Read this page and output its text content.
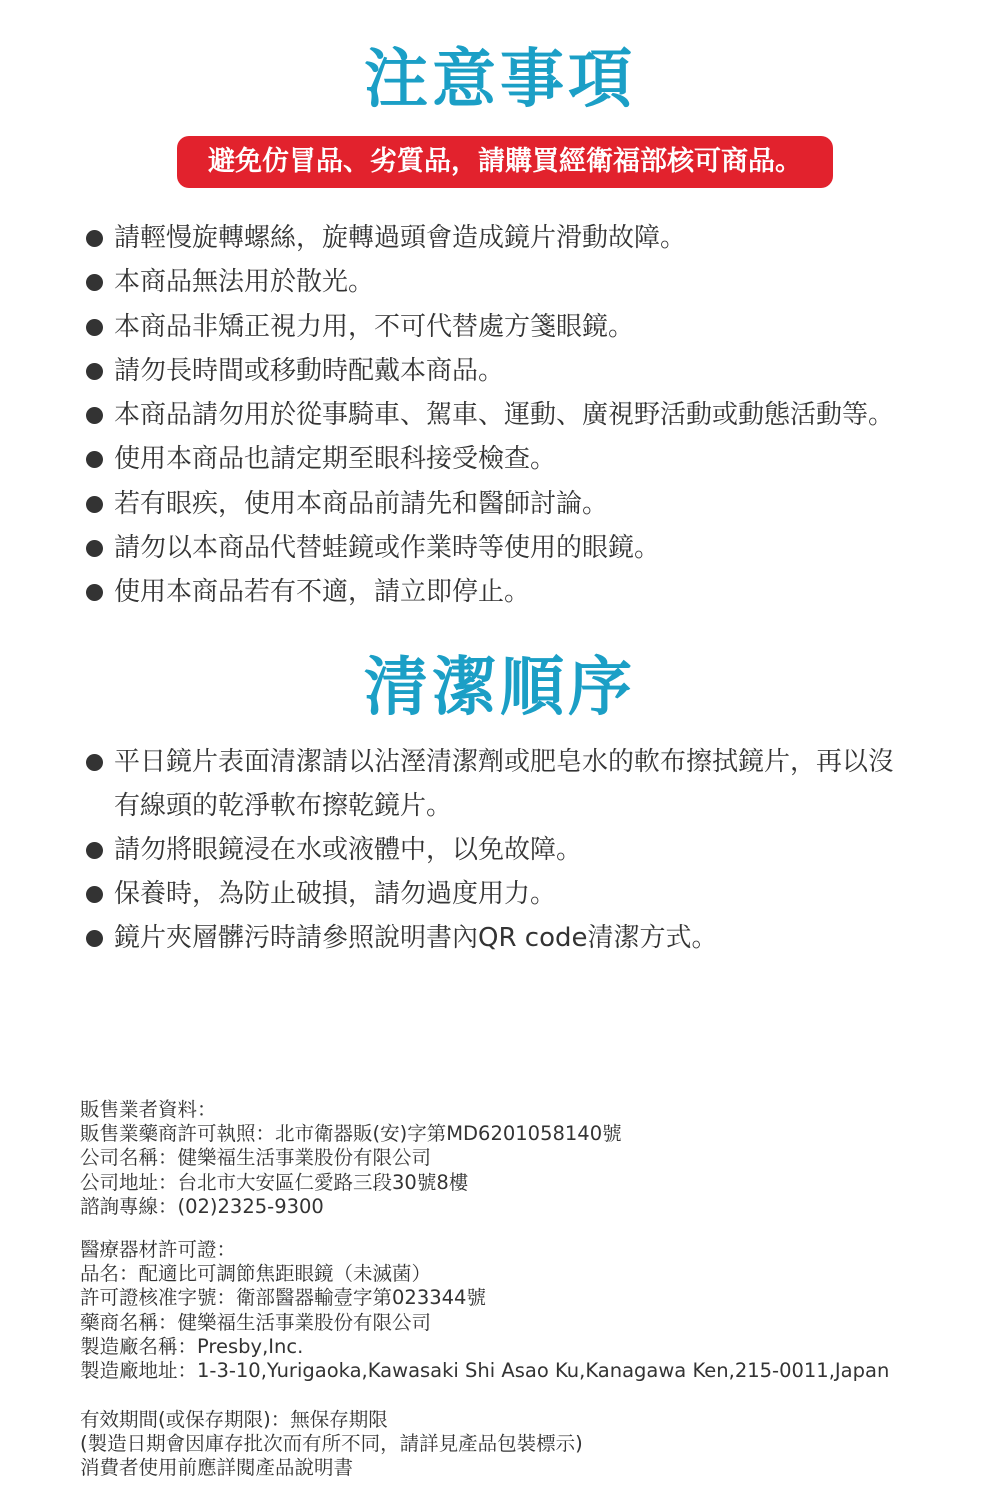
注意事項
避免仿冒品、劣質品，請購買經衛福部核可商品。
請輕慢旋轉螺絲，旋轉過頭會造成鏡片滑動故障。
本商品無法用於散光。
本商品非矯正視力用，不可代替處方箋眼鏡。
請勿長時間或移動時配戴本商品。
本商品請勿用於從事騎車、駕車、運動、廣視野活動或動態活動等。
使用本商品也請定期至眼科接受檢查。
若有眼疾，使用本商品前請先和醫師討論。
請勿以本商品代替蛙鏡或作業時等使用的眼鏡。
使用本商品若有不適，請立即停止。
清潔順序
平日鏡片表面清潔請以沾溼清潔劑或肥皂水的軟布擦拭鏡片，再以沒有線頭的乾淨軟布擦乾鏡片。
請勿將眼鏡浸在水或液體中，以免故障。
保養時，為防止破損，請勿過度用力。
鏡片夾層髒污時請參照說明書內QR code清潔方式。
販售業者資料：
販售業藥商許可執照：北市衛器販(安)字第MD6201058140號
公司名稱：健樂福生活事業股份有限公司
公司地址：台北市大安區仁愛路三段30號8樓
諮詢專線：(02)2325-9300
醫療器材許可證：
品名：配適比可調節焦距眼鏡（未滅菌）
許可證核准字號：衛部醫器輸壹字第023344號
藥商名稱：健樂福生活事業股份有限公司
製造廠名稱：Presby,Inc.
製造廠地址：1-3-10,Yurigaoka,Kawasaki Shi Asao Ku,Kanagawa Ken,215-0011,Japan
有效期間(或保存期限)：無保存期限
(製造日期會因庫存批次而有所不同，請詳見產品包裝標示)
消費者使用前應詳閱產品說明書
